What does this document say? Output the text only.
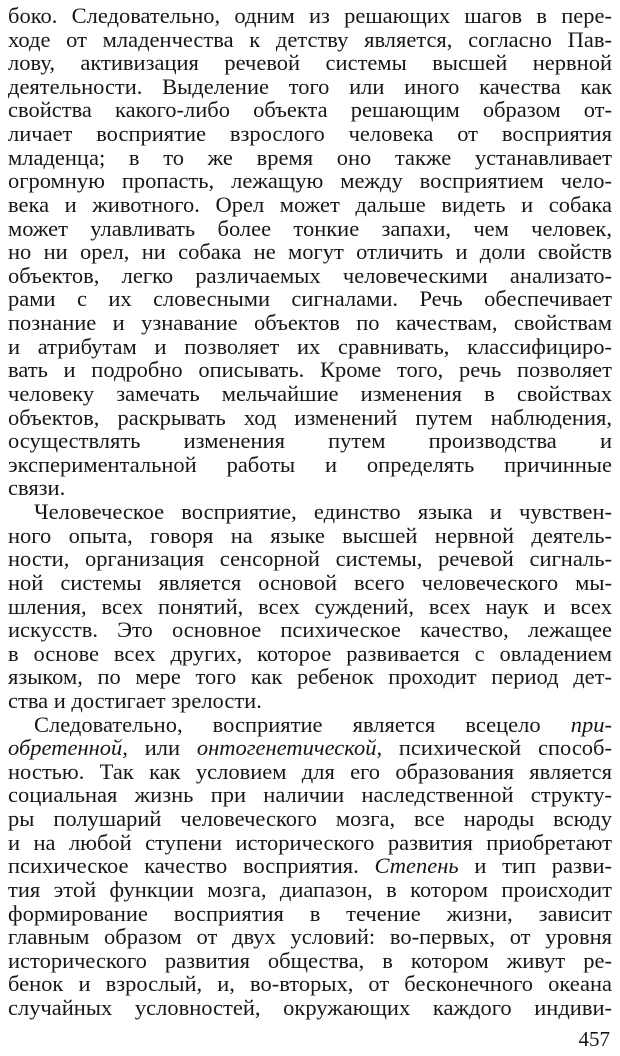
боко. Следовательно, одним из решающих шагов в пере-
ходе от младенчества к детству является, согласно Пав-
лову, активизация речевой системы высшей нервной
деятельности. Выделение того или иного качества как
свойства какого-либо объекта решающим образом от-
личает восприятие взрослого человека от восприятия
младенца; в то же время оно также устанавливает
огромную пропасть, лежащую между восприятием чело-
века и животного. Орел может дальше видеть и собака
может улавливать более тонкие запахи, чем человек,
но ни орел, ни собака не могут отличить и доли свойств
объектов, легко различаемых человеческими анализато-
рами с их словесными сигналами. Речь обеспечивает
познание и узнавание объектов по качествам, свойствам
и атрибутам и позволяет их сравнивать, классифициро-
вать и подробно описывать. Кроме того, речь позволяет
человеку замечать мельчайшие изменения в свойствах
объектов, раскрывать ход изменений путем наблюдения,
осуществлять изменения путем производства и
экспериментальной работы и определять причинные
связи.
Человеческое восприятие, единство языка и чувствен-
ного опыта, говоря на языке высшей нервной деятель-
ности, организация сенсорной системы, речевой сигналь-
ной системы является основой всего человеческого мы-
шления, всех понятий, всех суждений, всех наук и всех
искусств. Это основное психическое качество, лежащее
в основе всех других, которое развивается с овладением
языком, по мере того как ребенок проходит период дет-
ства и достигает зрелости.
Следовательно, восприятие является всецело при-
обретенной, или онтогенетической, психической способ-
ностью. Так как условием для его образования является
социальная жизнь при наличии наследственной структу-
ры полушарий человеческого мозга, все народы всюду
и на любой ступени исторического развития приобретают
психическое качество восприятия. Степень и тип разви-
тия этой функции мозга, диапазон, в котором происходит
формирование восприятия в течение жизни, зависит
главным образом от двух условий: во-первых, от уровня
исторического развития общества, в котором живут ре-
бенок и взрослый, и, во-вторых, от бесконечного океана
случайных условностей, окружающих каждого индиви-
457
